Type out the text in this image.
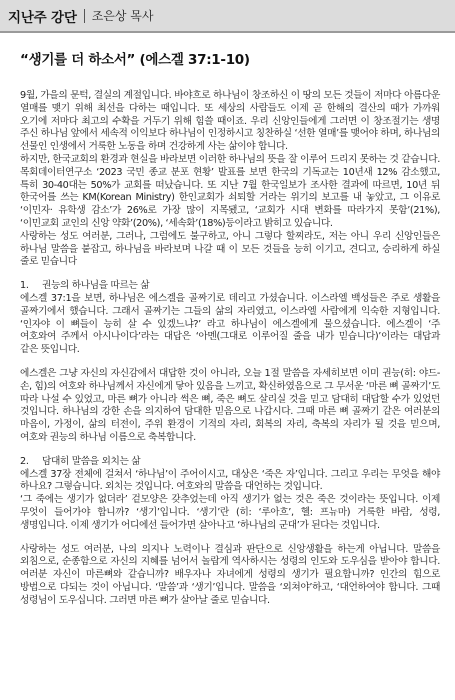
지난주 강단 조은상 목사
“생기를 더 하소서” (에스겔 37:1-10)

9월, 가을의 문턱, 결실의 계절입니다. 바야흐로 하나님이 창조하신 이 땅의 모든 것들이 저마다 아름다운 열매를 맺기 위해 최선을 다하는 때입니다. 또 세상의 사람들도 이제 곧 한해의 결산의 때가 가까워 오기에 저마다 최고의 수확을 거두기 위해 힘쓸 때이죠. 우리 신앙인들에게 그러면 이 창조절기는 생명 주신 하나님 앞에서 세속적 이익보다 하나님이 인정하시고 칭찬하실 ‘선한 열매’를 맺어야 하며, 하나님의 선물인 인생에서 거룩한 노동을 하며 건강하게 사는 삶이야 합니다.

하지만, 한국교회의 환경과 현실을 바라보면 이러한 하나님의 뜻을 잘 이루어 드리지 못하는 것 같습니다. 목회데이터연구소 ‘2023 국민 종교 분포 현황’ 발표를 보면 한국의 기독교는 10년새 12% 감소했고, 특히 30-40대는 50%가 교회를 떠났습니다. 또 지난 7월 한국일보가 조사한 결과에 따르면, 10년 뒤 한국어를 쓰는 KM(Korean Ministry) 한인교회가 쇠퇴할 거라는 위기의 보고를 내 놓았고, 그 이유로 ‘이민자· 유학생 감소’가 26%로 가장 많이 지목됐고, ‘교회가 시대 변화를 따라가지 못함’(21%), ‘이민교회 교인의 신앙 약화’(20%), ‘세속화’(18%)등이라고 밝히고 있습니다.

사랑하는 성도 여러분, 그러나, 그럼에도 불구하고, 아니 그렇다 할찌라도, 저는 아니 우리 신앙인들은 하나님 말씀을 붙잡고, 하나님을 바라보며 나갈 때 이 모든 것들을 능히 이기고, 견디고, 승리하게 하실 줄로 믿습니다

1.	권능의 하나님을 따르는 삶

에스겔 37:1을 보면, 하나님은 에스겔을 골짜기로 데리고 가셨습니다. 이스라엘 백성들은 주로 생활을 골짜기에서 했습니다. 그래서 골짜기는 그들의 삶의 자리였고, 이스라엘 사람에게 익숙한 지형입니다. ‘인자야 이 뼈들이 능히 살 수 있겠느냐?’ 라고 하나님이 에스겔에게 물으셨습니다. 에스겔이 ‘주 여호와여 주께서 아시나이다’라는 대답은 ‘아멘(그대로 이루어질 줄을 내가 믿습니다)’이라는 대답과 같은 뜻입니다.

에스겔은 그냥 자신의 자신감에서 대답한 것이 아니라, 오늘 1절 말씀을 자세히보면 이미 권능(히: 야드- 손, 힘)의 여호와 하나님께서 자신에게 닿아 있음을 느끼고, 확신하였음으로 그 무서운 ‘마른 뼈 골짜기’도 따라 나설 수 있었고, 마른 뼈가 아니라 썩은 뼈, 죽은 뼈도 살리실 것을 믿고 담대히 대답할 수가 있었던 것입니다. 하나님의 강한 손을 의지하여 담대한 믿음으로 나갑시다. 그때 마른 뼈 골짜기 같은 여러분의 마음이, 가정이, 삶의 터전이, 주위 환경이 기적의 자리, 회복의 자리, 축복의 자리가 될 것을 믿으며, 여호와 권능의 하나님 이름으로 축복합니다.

2.	담대히 말씀을 외치는 삶

에스겔 37장 전체에 걸쳐서 ‘하나님’이 주어이시고, 대상은 ‘죽은 자’입니다. 그리고 우리는 무엇을 해야 하나요? 그렇습니다. 외치는 것입니다. 여호와의 말씀을 대언하는 것입니다.

‘그 죽에는 생기가 없더라’ 겉모양은 갖추었는데 아직 생기가 없는 것은 죽은 것이라는 뜻입니다. 이제 무엇이 들어가야 합니까? ‘생기’입니다. ‘생기’란 (히: ‘루아흐’, 헬: 프뉴마) 거룩한 바람, 성령, 생명입니다. 이제 생기가 어디에선 들어가면 살아나고 ‘하나님의 군대’가 된다는 것입니다.

사랑하는 성도 여러분, 나의 의지나 노력이나 결심과 판단으로 신앙생활을 하는게 아닙니다. 말씀을 외침으로, 순종함으로 자신의 지혜를 넘어서 놀랍게 역사하시는 성령의 인도와 도우심을 받아야 합니다. 여러분 자신이 마른뼈와 같습니까? 배우자나 자녀에게 성령의 생기가 필요합니까? 인간의 힘으로 방법으로 다되는 것이 아닙니다. ‘말씀’과 ‘생기’입니다. 말씀을 ‘외쳐야’하고, ‘대언하여야 합니다. 그때 성령님이 도우십니다. 그러면 마른 뼈가 살아날 줄로 믿습니다.
